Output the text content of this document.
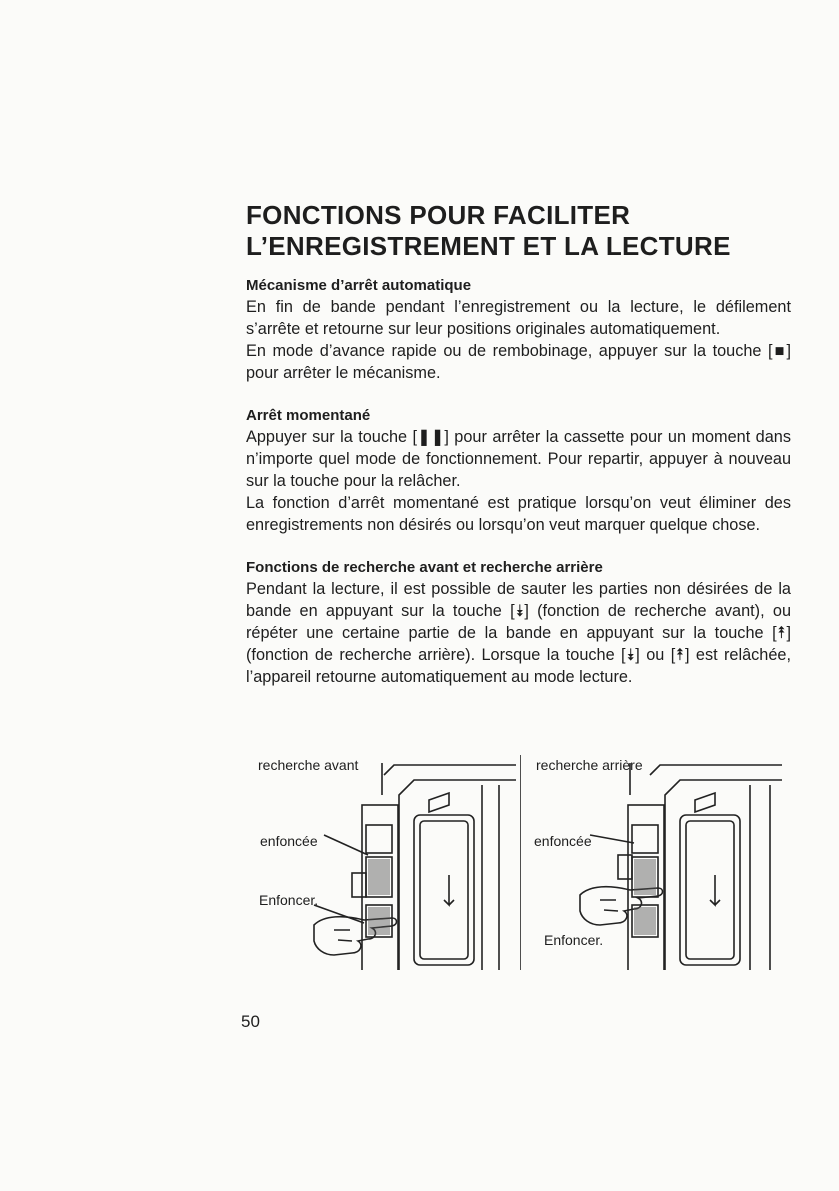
FONCTIONS POUR FACILITER
L’ENREGISTREMENT ET LA LECTURE

Mécanisme d’arrêt automatique

En fin de bande pendant l’enregistrement ou la lecture, le défilement s’arrête et retourne sur leur positions originales automatiquement.

En mode d’avance rapide ou de rembobinage, appuyer sur la touche [■] pour arrêter le mécanisme.

Arrêt momentané

Appuyer sur la touche [❚❚] pour arrêter la cassette pour un moment dans n’importe quel mode de fonctionnement. Pour repartir, appuyer à nouveau sur la touche pour la relâcher.

La fonction d’arrêt momentané est pratique lorsqu’on veut éliminer des enregistrements non désirés ou lorsqu’on veut marquer quelque chose.

Fonctions de recherche avant et recherche arrière

Pendant la lecture, il est possible de sauter les parties non désirées de la bande en appuyant sur la touche [⯯] (fonction de recherche avant), ou répéter une certaine partie de la bande en appuyant sur la touche [⯭] (fonction de recherche arrière). Lorsque la touche [⯯] ou [⯭] est relâchée, l’appareil retourne automatiquement au mode lecture.

recherche avant
enfoncée
Enfoncer.
recherche arrière
enfoncée
Enfoncer.
50
